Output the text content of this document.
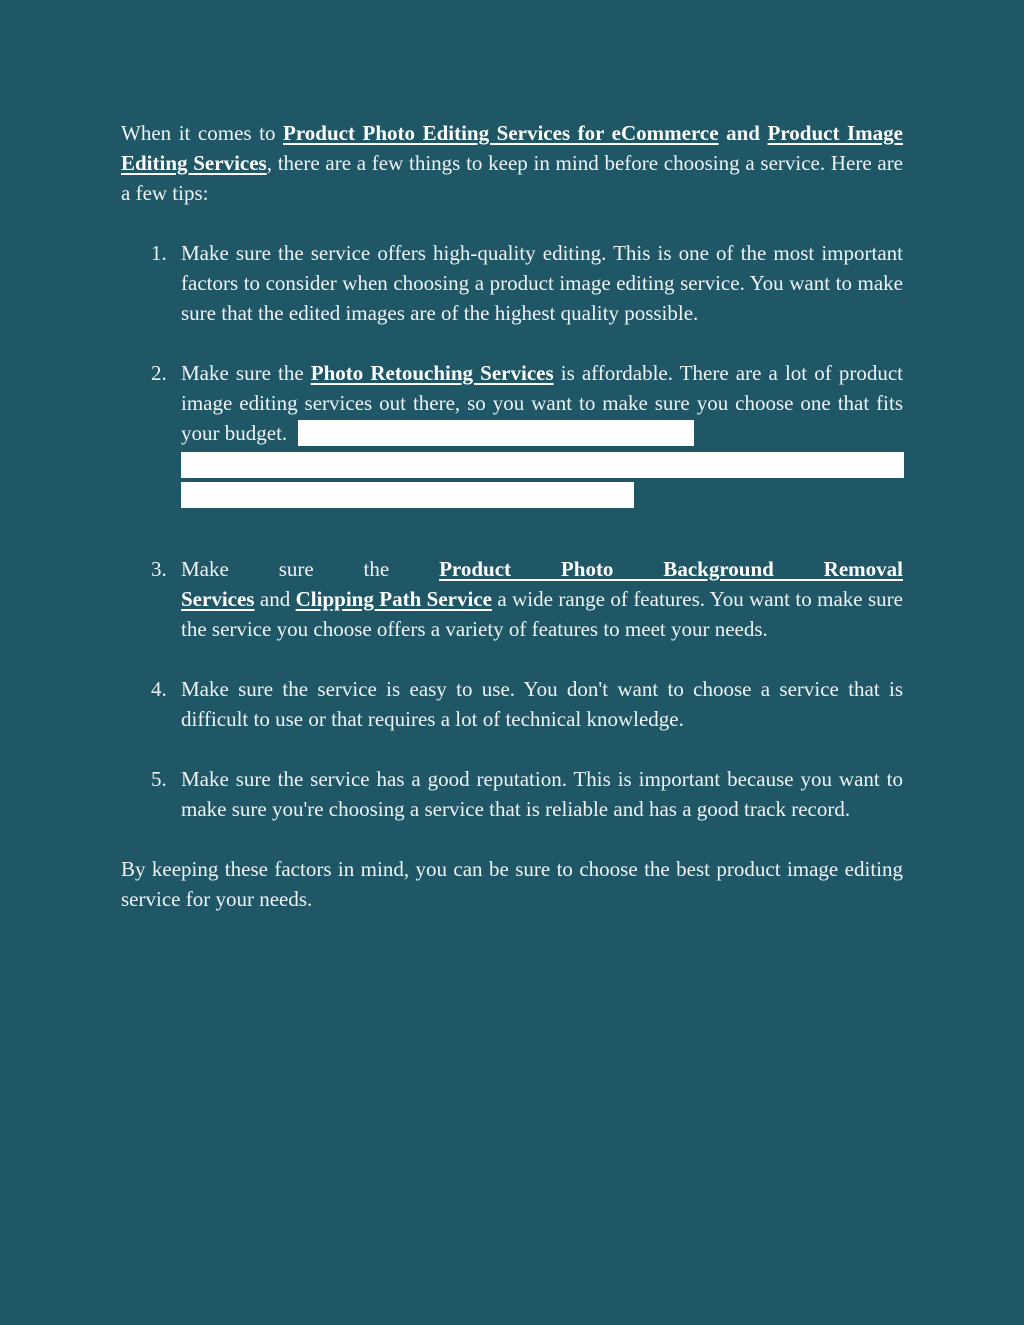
When it comes to Product Photo Editing Services for eCommerce and Product Image Editing Services, there are a few things to keep in mind before choosing a service. Here are a few tips:

1. Make sure the service offers high-quality editing. This is one of the most important factors to consider when choosing a product image editing service. You want to make sure that the edited images are of the highest quality possible.
2. Make sure the Photo Retouching Services is affordable. There are a lot of product image editing services out there, so you want to make sure you choose one that fits your budget.
3. Make sure the Product Photo Background Removal Services and Clipping Path Service a wide range of features. You want to make sure the service you choose offers a variety of features to meet your needs.
4. Make sure the service is easy to use. You don't want to choose a service that is difficult to use or that requires a lot of technical knowledge.
5. Make sure the service has a good reputation. This is important because you want to make sure you're choosing a service that is reliable and has a good track record.

By keeping these factors in mind, you can be sure to choose the best product image editing service for your needs.
